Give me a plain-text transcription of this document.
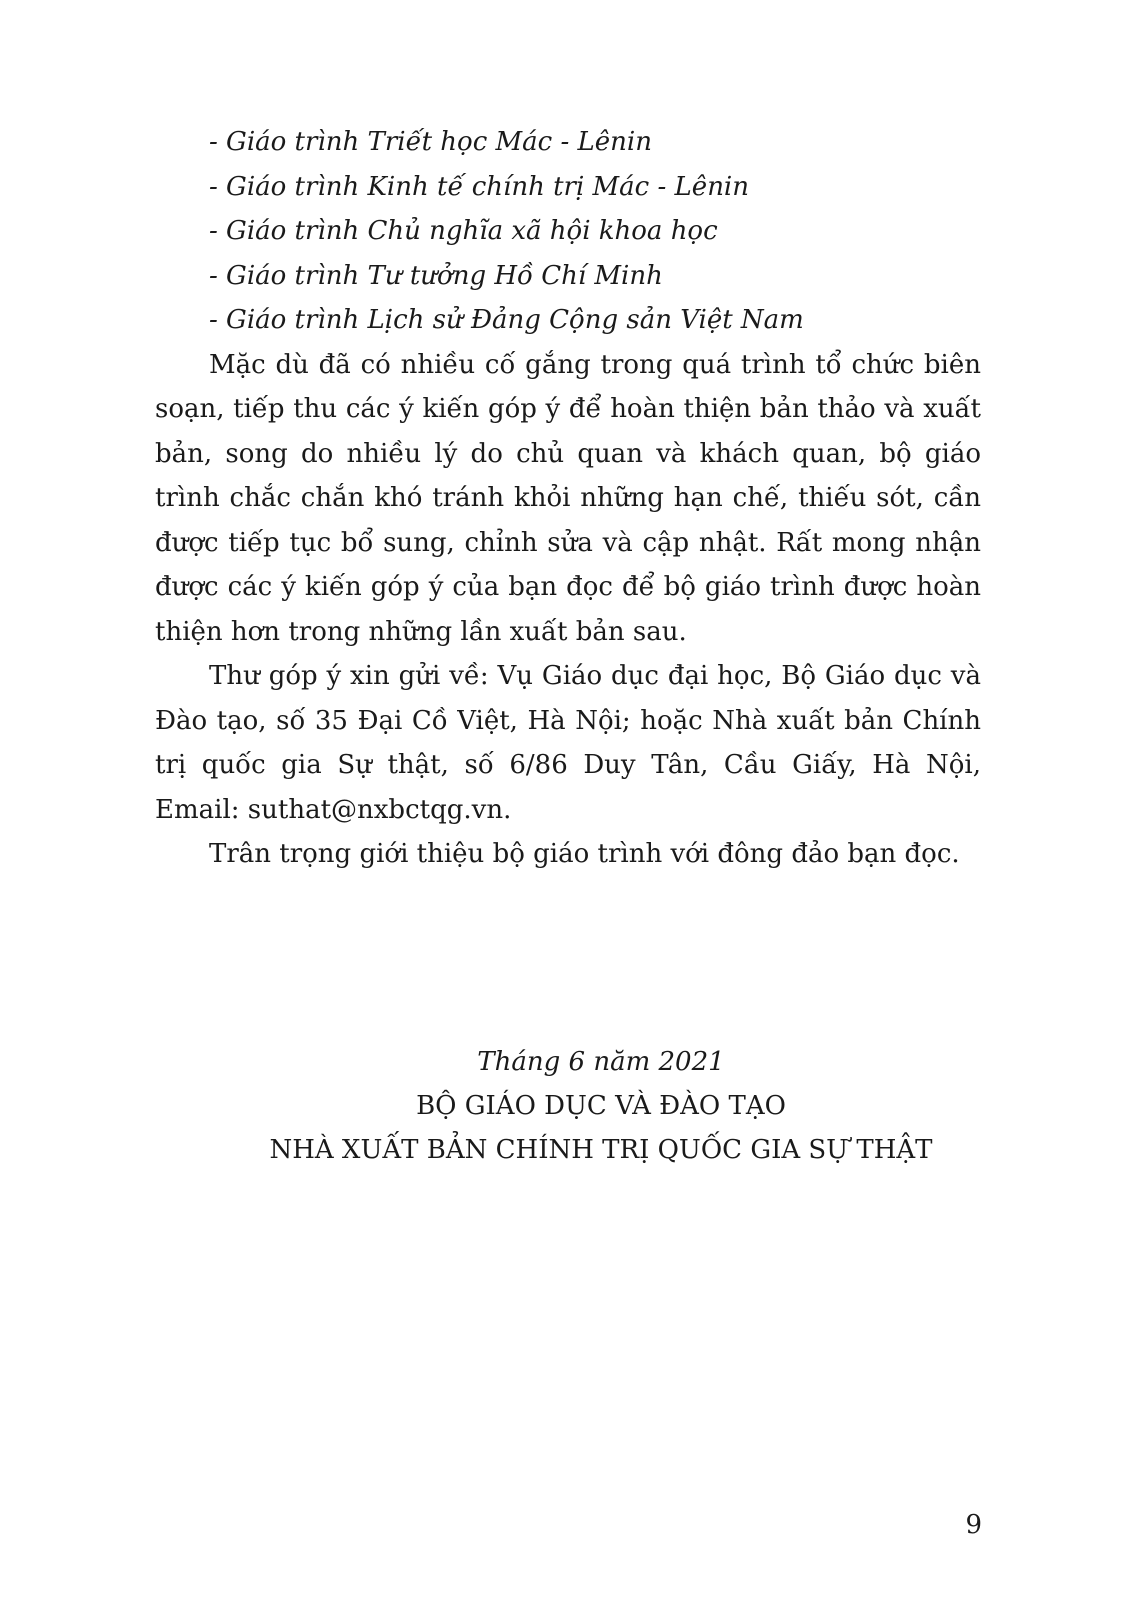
- Giáo trình Triết học Mác - Lênin
- Giáo trình Kinh tế chính trị Mác - Lênin
- Giáo trình Chủ nghĩa xã hội khoa học
- Giáo trình Tư tưởng Hồ Chí Minh
- Giáo trình Lịch sử Đảng Cộng sản Việt Nam

Mặc dù đã có nhiều cố gắng trong quá trình tổ chức biên soạn, tiếp thu các ý kiến góp ý để hoàn thiện bản thảo và xuất bản, song do nhiều lý do chủ quan và khách quan, bộ giáo trình chắc chắn khó tránh khỏi những hạn chế, thiếu sót, cần được tiếp tục bổ sung, chỉnh sửa và cập nhật. Rất mong nhận được các ý kiến góp ý của bạn đọc để bộ giáo trình được hoàn thiện hơn trong những lần xuất bản sau.

Thư góp ý xin gửi về: Vụ Giáo dục đại học, Bộ Giáo dục và Đào tạo, số 35 Đại Cồ Việt, Hà Nội; hoặc Nhà xuất bản Chính trị quốc gia Sự thật, số 6/86 Duy Tân, Cầu Giấy, Hà Nội, Email: suthat@nxbctqg.vn.

Trân trọng giới thiệu bộ giáo trình với đông đảo bạn đọc.

Tháng 6 năm 2021
BỘ GIÁO DỤC VÀ ĐÀO TẠO
NHÀ XUẤT BẢN CHÍNH TRỊ QUỐC GIA SỰ THẬT
9
